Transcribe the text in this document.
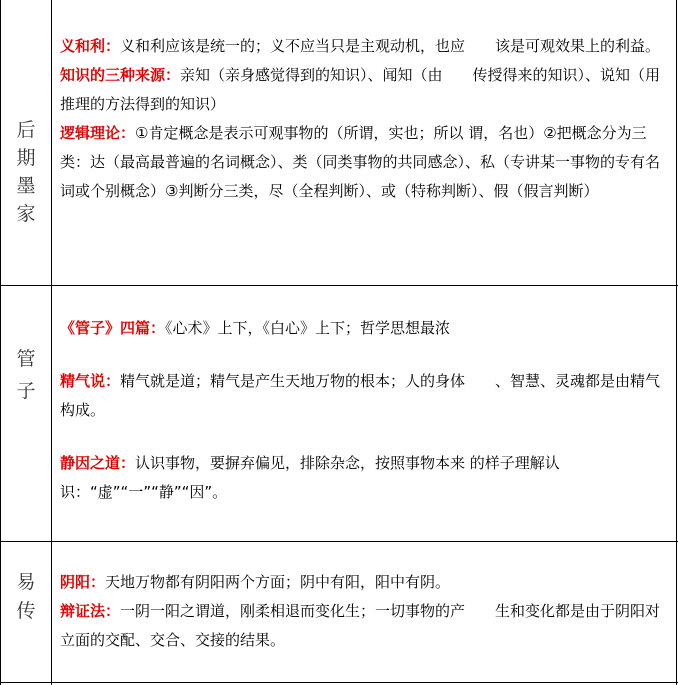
后
期
墨
家

义和利：义和利应该是统一的；义不应当只是主观动机，也应 该是可观效果上的利益。

知识的三种来源：亲知（亲身感觉得到的知识）、闻知（由 传授得来的知识）、说知（用推理的方法得到的知识）

逻辑理论：①肯定概念是表示可观事物的（所谓，实也；所以 谓，名也）②把概念分为三类：达（最高最普遍的名词概念）、类（同类事物的共同感念）、私（专讲某一事物的专有名词或个别概念）③判断分三类，尽（全程判断）、或（特称判断）、假（假言判断）

管
子

《管子》四篇：《心术》上下，《白心》上下；哲学思想最浓

精气说：精气就是道；精气是产生天地万物的根本；人的身体 、智慧、灵魂都是由精气构成。

静因之道：认识事物，要摒弃偏见，排除杂念，按照事物本来 的样子理解认识：“虚”“一”“静”“因”。

易
传

阴阳：天地万物都有阴阳两个方面；阴中有阳，阳中有阴。

辩证法：一阴一阳之谓道，刚柔相退而变化生；一切事物的产 生和变化都是由于阴阳对立面的交配、交合、交接的结果。
